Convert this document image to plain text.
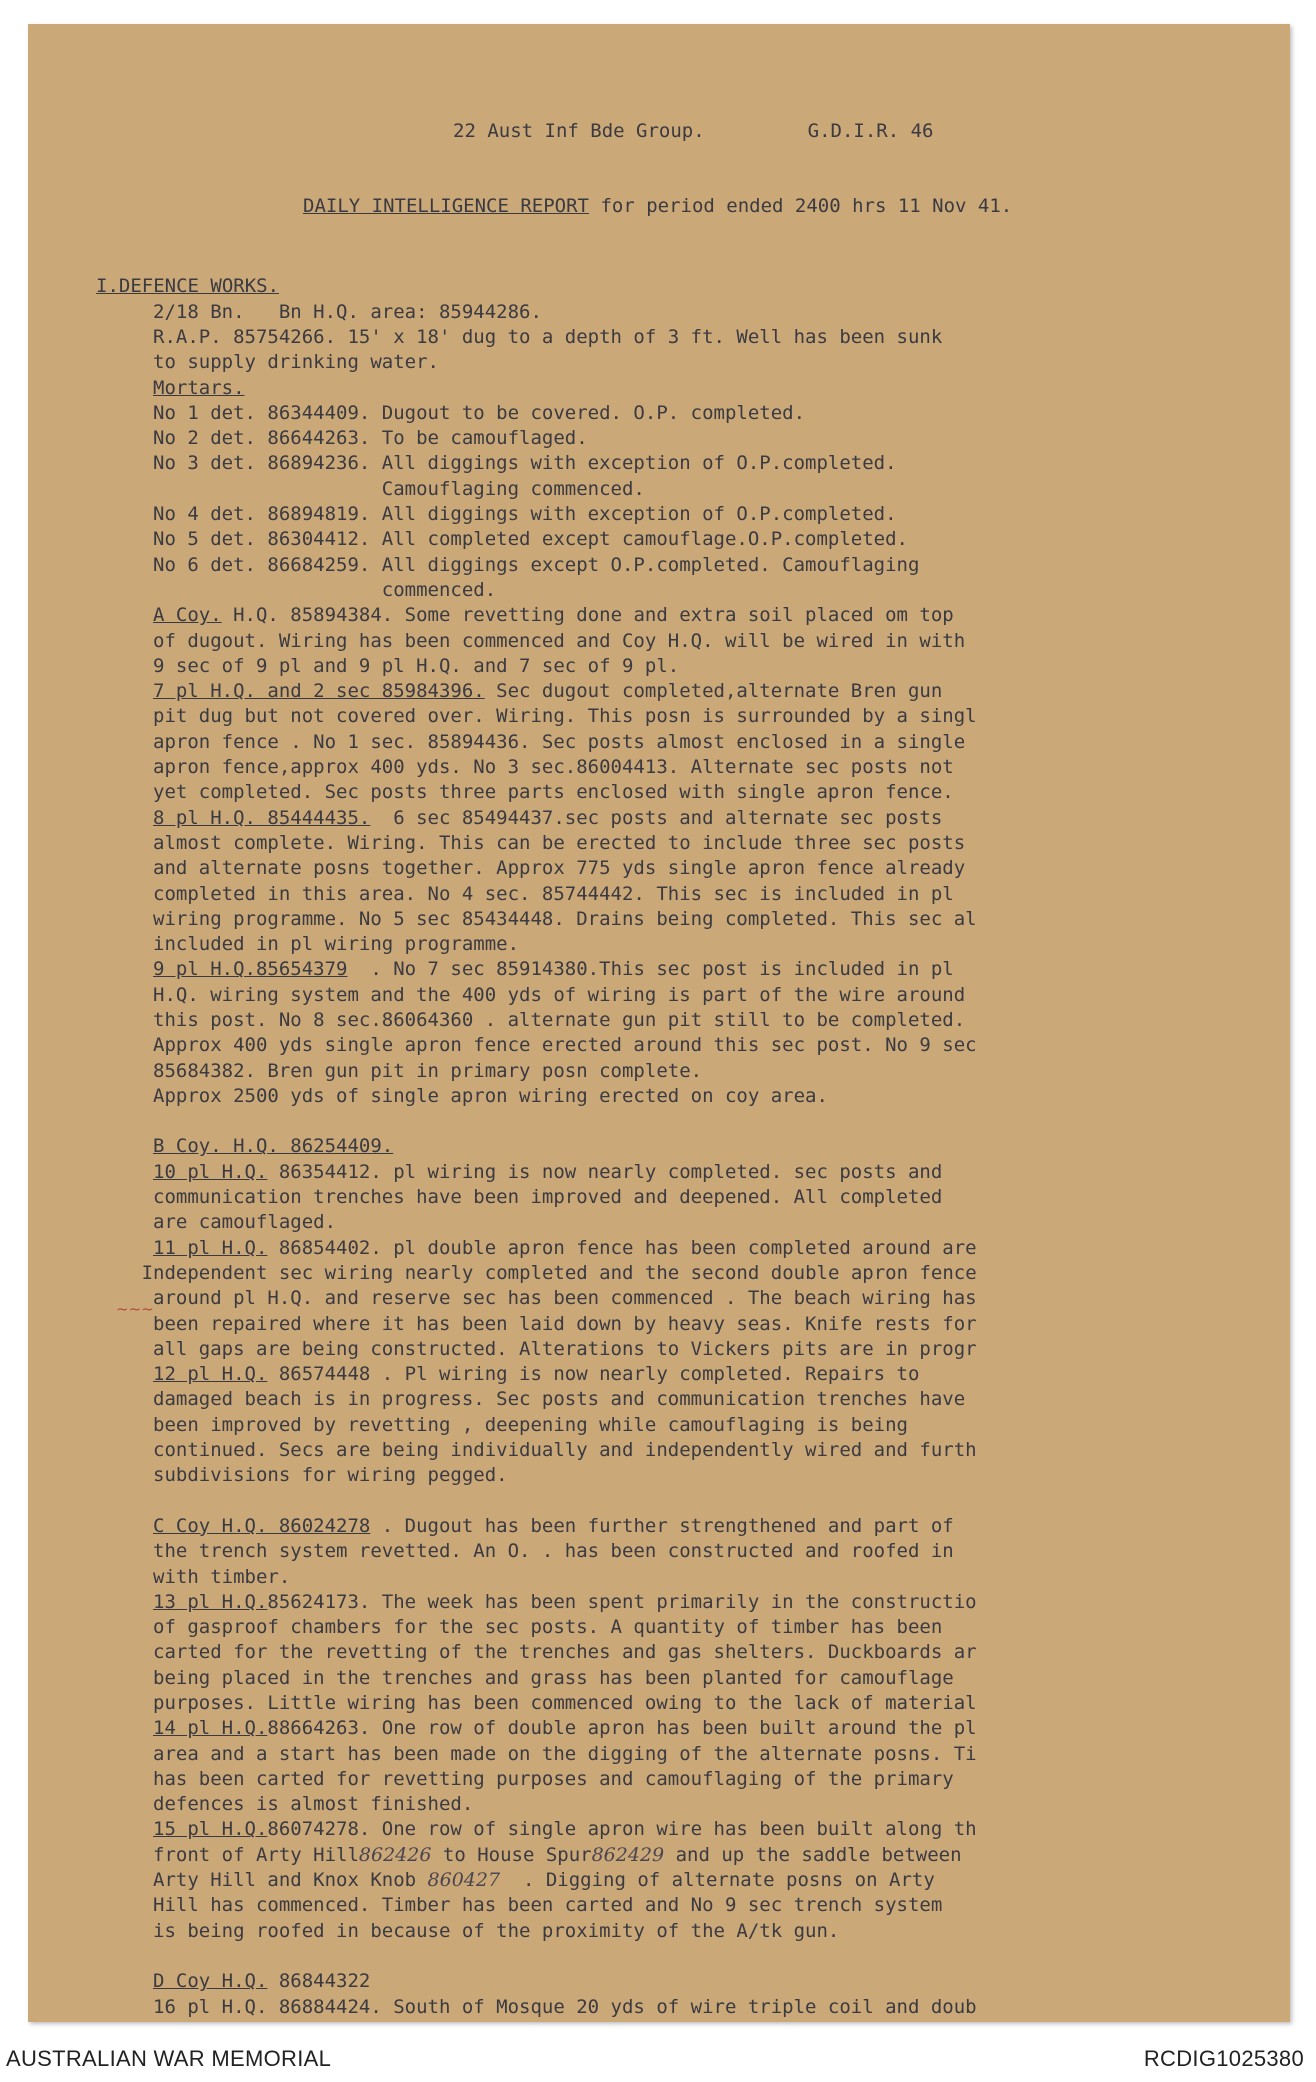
22 Aust Inf Bde Group.	G.D.I.R. 46

DAILY INTELLIGENCE REPORT for period ended 2400 hrs 11 Nov 41.

I.DEFENCE WORKS.
2/18 Bn.   Bn H.Q. area: 85944286.
R.A.P. 85754266. 15' x 18' dug to a depth of 3 ft. Well has been sunk
to supply drinking water.
Mortars.
No 1 det. 86344409. Dugout to be covered. O.P. completed.
No 2 det. 86644263. To be camouflaged.
No 3 det. 86894236. All diggings with exception of O.P.completed.
Camouflaging commenced.
No 4 det. 86894819. All diggings with exception of O.P.completed.
No 5 det. 86304412. All completed except camouflage.O.P.completed.
No 6 det. 86684259. All diggings except O.P.completed. Camouflaging
commenced.
A Coy. H.Q. 85894384. Some revetting done and extra soil placed om top
of dugout. Wiring has been commenced and Coy H.Q. will be wired in with
9 sec of 9 pl and 9 pl H.Q. and 7 sec of 9 pl.
7 pl H.Q. and 2 sec 85984396. Sec dugout completed,alternate Bren gun
pit dug but not covered over. Wiring. This posn is surrounded by a singl
apron fence . No 1 sec. 85894436. Sec posts almost enclosed in a single
apron fence,approx 400 yds. No 3 sec.86004413. Alternate sec posts not
yet completed. Sec posts three parts enclosed with single apron fence.
8 pl H.Q. 85444435.  6 sec 85494437.sec posts and alternate sec posts
almost complete. Wiring. This can be erected to include three sec posts
and alternate posns together. Approx 775 yds single apron fence already
completed in this area. No 4 sec. 85744442. This sec is included in pl
wiring programme. No 5 sec 85434448. Drains being completed. This sec al
included in pl wiring programme.
9 pl H.Q.85654379  . No 7 sec 85914380.This sec post is included in pl
H.Q. wiring system and the 400 yds of wiring is part of the wire around
this post. No 8 sec.86064360 . alternate gun pit still to be completed.
Approx 400 yds single apron fence erected around this sec post. No 9 sec
85684382. Bren gun pit in primary posn complete.
Approx 2500 yds of single apron wiring erected on coy area.
B Coy. H.Q. 86254409.
10 pl H.Q. 86354412. pl wiring is now nearly completed. sec posts and
communication trenches have been improved and deepened. All completed
are camouflaged.
11 pl H.Q. 86854402. pl double apron fence has been completed around are
Independent sec wiring nearly completed and the second double apron fence
around pl H.Q. and reserve sec has been commenced . The beach wiring has
been repaired where it has been laid down by heavy seas. Knife rests for
all gaps are being constructed. Alterations to Vickers pits are in progr
12 pl H.Q. 86574448 . Pl wiring is now nearly completed. Repairs to
damaged beach is in progress. Sec posts and communication trenches have
been improved by revetting , deepening while camouflaging is being
continued. Secs are being individually and independently wired and furth
subdivisions for wiring pegged.
C Coy H.Q. 86024278 . Dugout has been further strengthened and part of
the trench system revetted. An O. . has been constructed and roofed in
with timber.
13 pl H.Q.85624173. The week has been spent primarily in the constructio
of gasproof chambers for the sec posts. A quantity of timber has been
carted for the revetting of the trenches and gas shelters. Duckboards ar
being placed in the trenches and grass has been planted for camouflage
purposes. Little wiring has been commenced owing to the lack of material
14 pl H.Q.88664263. One row of double apron has been built around the pl
area and a start has been made on the digging of the alternate posns. Ti
has been carted for revetting purposes and camouflaging of the primary
defences is almost finished.
15 pl H.Q.86074278. One row of single apron wire has been built along th
front of Arty Hill862426 to House Spur862429 and up the saddle between
Arty Hill and Knox Knob 860427  . Digging of alternate posns on Arty
Hill has commenced. Timber has been carted and No 9 sec trench system
is being roofed in because of the proximity of the A/tk gun.
D Coy H.Q. 86844322
16 pl H.Q. 86884424. South of Mosque 20 yds of wire triple coil and doub

~~~
AUSTRALIAN WAR MEMORIAL	RCDIG1025380
